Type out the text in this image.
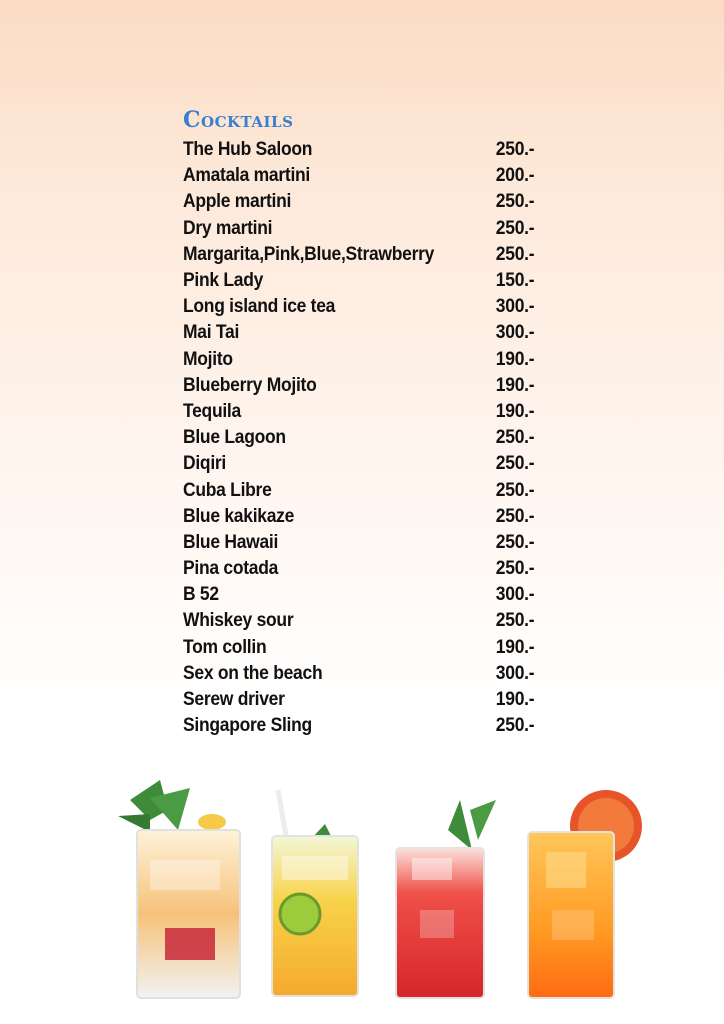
Cocktails
The Hub Saloon	250.-
Amatala martini	200.-
Apple martini	250.-
Dry martini	250.-
Margarita,Pink,Blue,Strawberry	250.-
Pink Lady	150.-
Long island ice tea	300.-
Mai Tai	300.-
Mojito	190.-
Blueberry Mojito	190.-
Tequila	190.-
Blue Lagoon	250.-
Diqiri	250.-
Cuba Libre	250.-
Blue kakikaze	250.-
Blue Hawaii	250.-
Pina cotada	250.-
B 52	300.-
Whiskey sour	250.-
Tom collin	190.-
Sex on the beach	300.-
Serew driver	190.-
Singapore Sling	250.-
